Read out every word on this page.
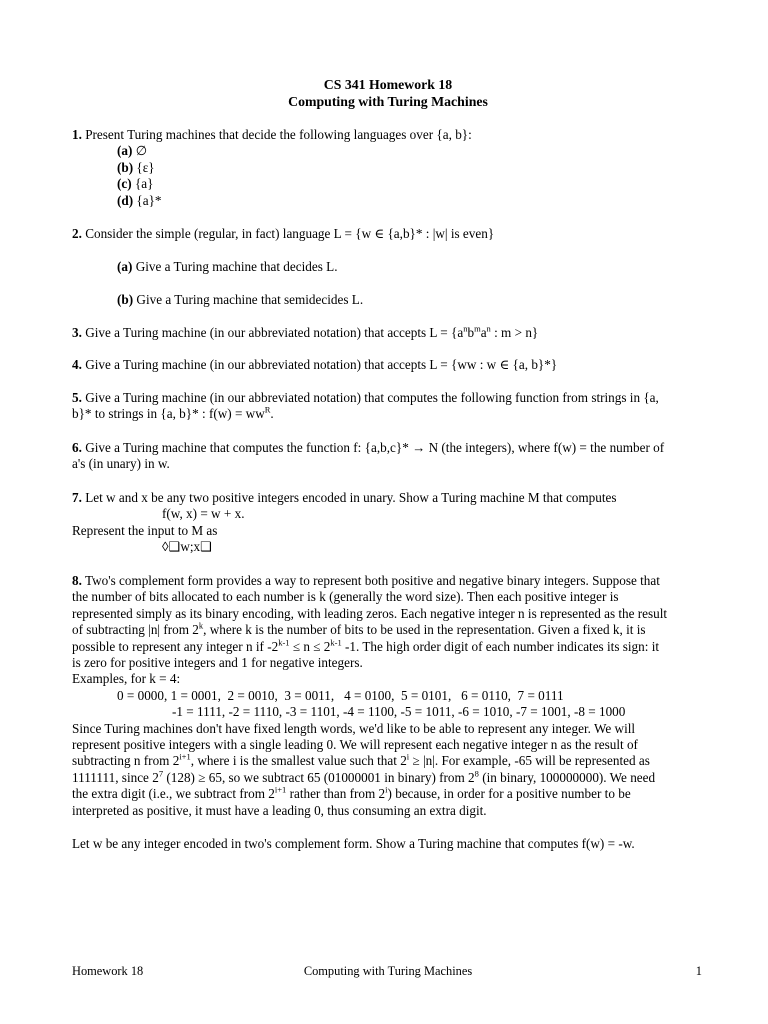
CS 341 Homework 18
Computing with Turing Machines
1. Present Turing machines that decide the following languages over {a, b}:
(a) ∅
(b) {ε}
(c) {a}
(d) {a}*
2. Consider the simple (regular, in fact) language L = {w ∈ {a,b}* : |w| is even}
(a) Give a Turing machine that decides L.
(b) Give a Turing machine that semidecides L.
3. Give a Turing machine (in our abbreviated notation) that accepts $L = \{a^nb^ma^n$ : m > n}
4. Give a Turing machine (in our abbreviated notation) that accepts L = {ww : w ∈ {a, b}*}
5. Give a Turing machine (in our abbreviated notation) that computes the following function from strings in {a,
b}* to strings in {a, b}* : $f(w) = ww^R$.
6. Give a Turing machine that computes the function f: {a,b,c}* → N (the integers), where f(w) = the number of
a's (in unary) in w.
7. Let w and x be any two positive integers encoded in unary. Show a Turing machine M that computes
f(w, x) = w + x.
Represent the input to M as
◊❑w;x❑
8. Two's complement form provides a way to represent both positive and negative binary integers. Suppose that
the number of bits allocated to each number is k (generally the word size). Then each positive integer is
represented simply as its binary encoding, with leading zeros. Each negative integer n is represented as the result
of subtracting |n| from 2$^k$, where k is the number of bits to be used in the representation. Given a fixed k, it is
possible to represent any integer n if $-2^{k-1} \le n \le 2^{k-1}$ -1. The high order digit of each number indicates its sign: it
is zero for positive integers and 1 for negative integers.
Examples, for k = 4:
0 = 0000, 1 = 0001,  2 = 0010,  3 = 0011,   4 = 0100,  5 = 0101,   6 = 0110,  7 = 0111
-1 = 1111, -2 = 1110, -3 = 1101, -4 = 1100, -5 = 1011, -6 = 1010, -7 = 1001, -8 = 1000
Since Turing machines don't have fixed length words, we'd like to be able to represent any integer. We will
represent positive integers with a single leading 0. We will represent each negative integer n as the result of
subtracting n from $2^{i+1}$, where i is the smallest value such that $2^i \ge |n|$. For example, -65 will be represented as
1111111, since $2^7$ (128) ≥ 65, so we subtract 65 (01000001 in binary) from $2^8$ (in binary, 100000000). We need
the extra digit (i.e., we subtract from $2^{i+1}$ rather than from 2$^i$) because, in order for a positive number to be
interpreted as positive, it must have a leading 0, thus consuming an extra digit.
Let w be any integer encoded in two's complement form. Show a Turing machine that computes f(w) = -w.
Homework 18	Computing with Turing Machines	1
